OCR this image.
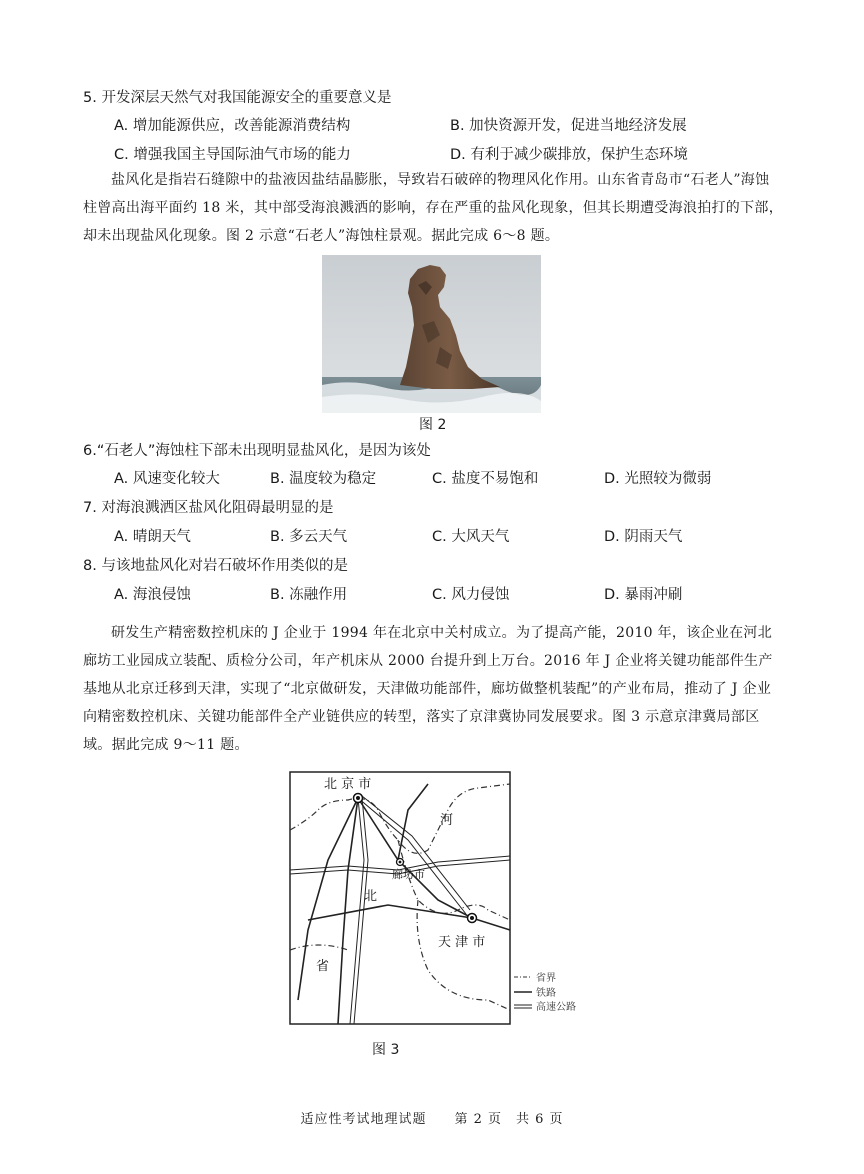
5. 开发深层天然气对我国能源安全的重要意义是
A. 增加能源供应，改善能源消费结构	B. 加快资源开发，促进当地经济发展
C. 增强我国主导国际油气市场的能力	D. 有利于减少碳排放，保护生态环境
盐风化是指岩石缝隙中的盐液因盐结晶膨胀，导致岩石破碎的物理风化作用。山东省青岛市“石老人”海蚀柱曾高出海平面约 18 米，其中部受海浪溅洒的影响，存在严重的盐风化现象，但其长期遭受海浪拍打的下部，却未出现盐风化现象。图 2 示意“石老人”海蚀柱景观。据此完成 6～8 题。
图 2
6.“石老人”海蚀柱下部未出现明显盐风化，是因为该处
A. 风速变化较大	B. 温度较为稳定	C. 盐度不易饱和	D. 光照较为微弱
7. 对海浪溅洒区盐风化阻碍最明显的是
A. 晴朗天气	B. 多云天气	C. 大风天气	D. 阴雨天气
8. 与该地盐风化对岩石破坏作用类似的是
A. 海浪侵蚀	B. 冻融作用	C. 风力侵蚀	D. 暴雨冲刷
研发生产精密数控机床的 J 企业于 1994 年在北京中关村成立。为了提高产能，2010 年，该企业在河北廊坊工业园成立装配、质检分公司，年产机床从 2000 台提升到上万台。2016 年 J 企业将关键功能部件生产基地从北京迁移到天津，实现了“北京做研发，天津做功能部件，廊坊做整机装配”的产业布局，推动了 J 企业向精密数控机床、关键功能部件全产业链供应的转型，落实了京津冀协同发展要求。图 3 示意京津冀局部区域。据此完成 9～11 题。
北 京 市
廊坊市
天 津 市
河
北
省
省界
铁路
高速公路
图 3
适应性考试地理试题　　第 2 页　共 6 页
